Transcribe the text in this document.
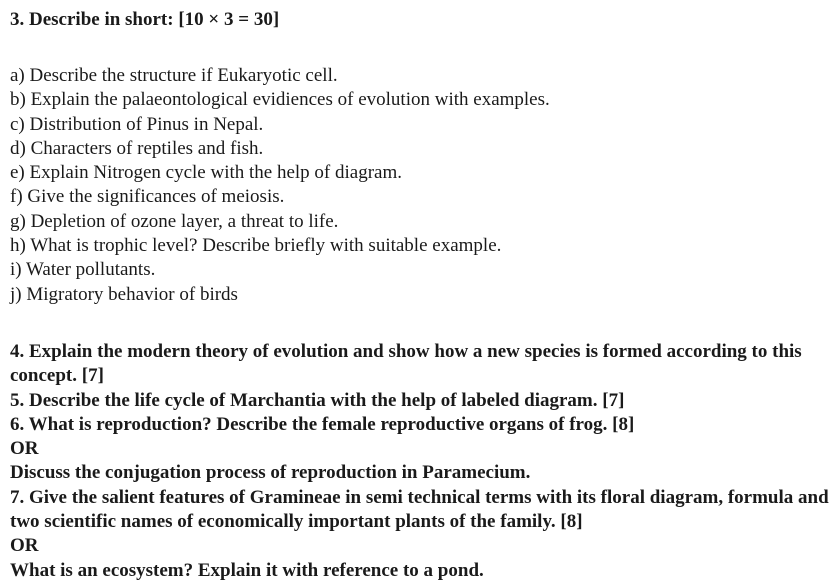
3. Describe in short: [10 × 3 = 30]
a) Describe the structure if Eukaryotic cell.
b) Explain the palaeontological evidiences of evolution with examples.
c) Distribution of Pinus in Nepal.
d) Characters of reptiles and fish.
e) Explain Nitrogen cycle with the help of diagram.
f) Give the significances of meiosis.
g) Depletion of ozone layer, a threat to life.
h) What is trophic level? Describe briefly with suitable example.
i) Water pollutants.
j) Migratory behavior of birds

4. Explain the modern theory of evolution and show how a new species is formed according to this concept. [7]

5. Describe the life cycle of Marchantia with the help of labeled diagram. [7]

6. What is reproduction? Describe the female reproductive organs of frog. [8]

OR

Discuss the conjugation process of reproduction in Paramecium.

7. Give the salient features of Gramineae in semi technical terms with its floral diagram, formula and two scientific names of economically important plants of the family. [8]

OR

What is an ecosystem? Explain it with reference to a pond.
